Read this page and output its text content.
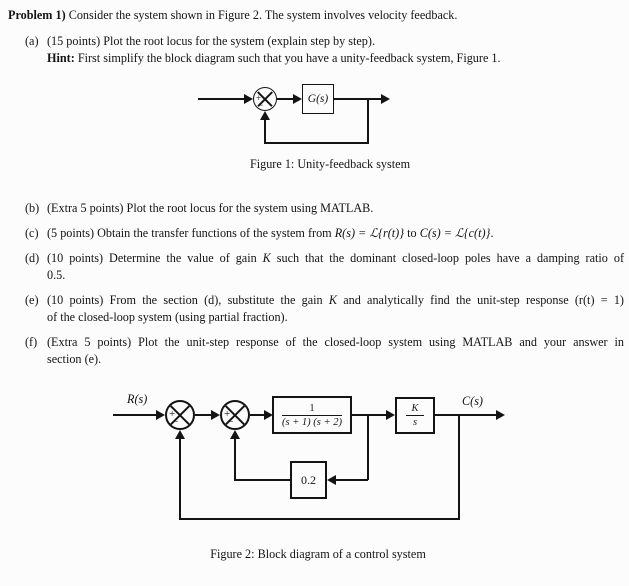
Problem 1) Consider the system shown in Figure 2. The system involves velocity feedback.
(a) (15 points) Plot the root locus for the system (explain step by step).
Hint: First simplify the block diagram such that you have a unity-feedback system, Figure 1.
+
−	G(s)
Figure 1: Unity-feedback system
(b) (Extra 5 points) Plot the root locus for the system using MATLAB.
(c) (5 points) Obtain the transfer functions of the system from R(s) = ℒ{r(t)} to C(s) = ℒ{c(t)}.
(d) (10 points) Determine the value of gain K such that the dominant closed-loop poles have a damping ratio of
0.5.
(e) (10 points) From the section (d), substitute the gain K and analytically find the unit-step response (r(t) = 1)
of the closed-loop system (using partial fraction).
(f) (Extra 5 points) Plot the unit-step response of the closed-loop system using MATLAB and your answer in
section (e).
R(s)
+
−
+
−	$\frac{1}{(s + 1) (s + 2)}$	$\frac{K}{s}$
C(s)
0.2
Figure 2: Block diagram of a control system
